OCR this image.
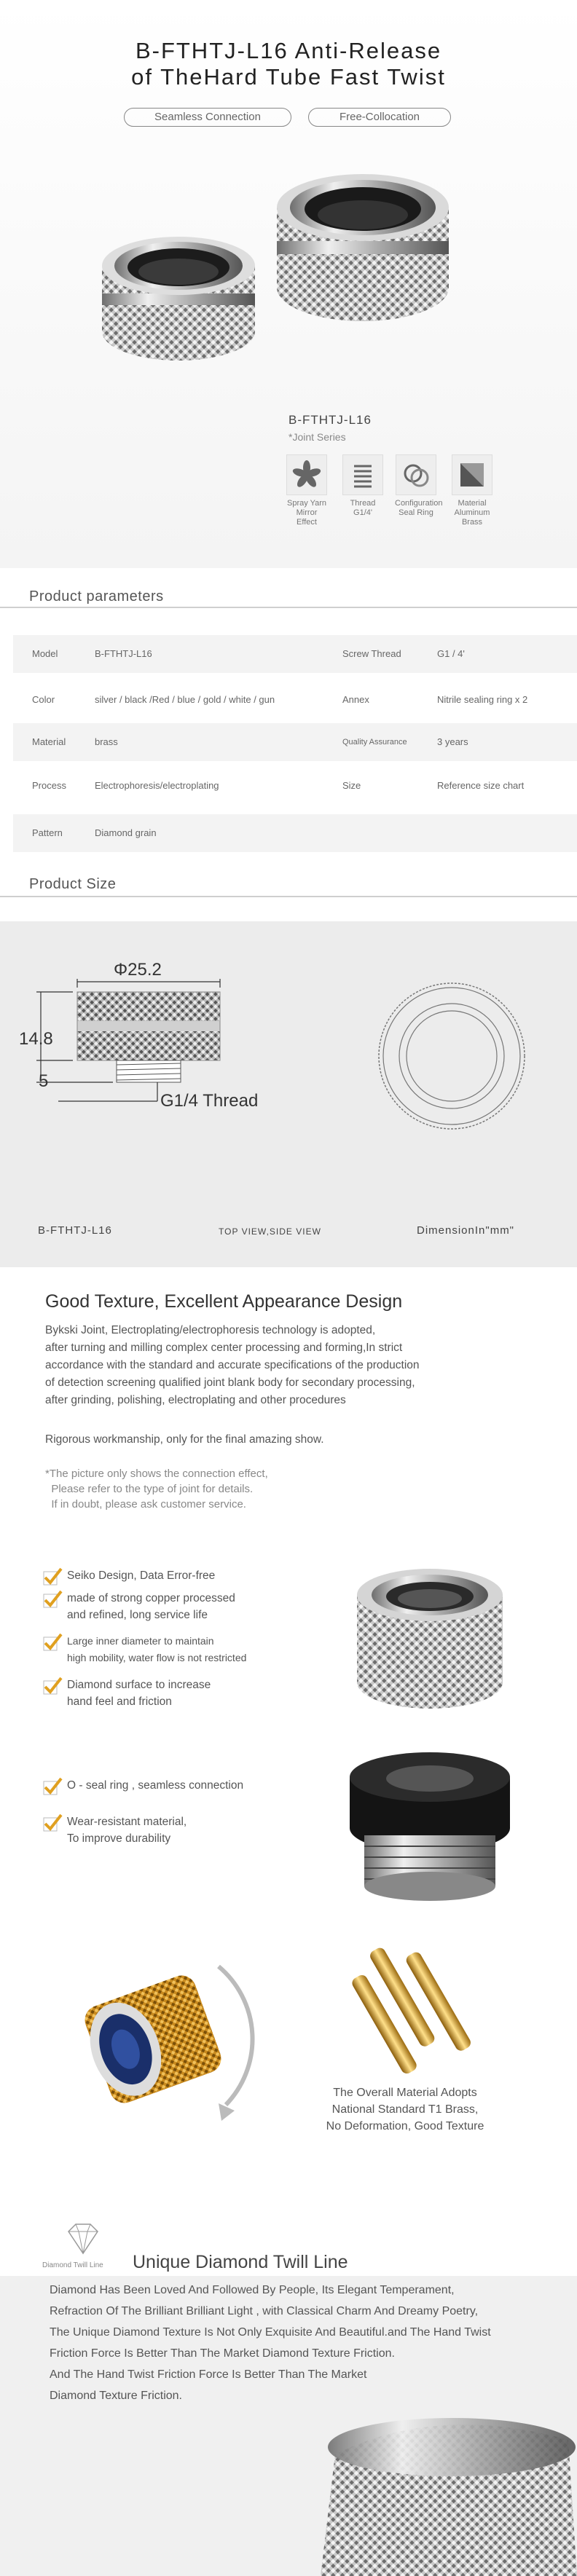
B-FTHTJ-L16 Anti-Release
of TheHard Tube Fast Twist
Seamless Connection	Free-Collocation
B-FTHTJ-L16
*Joint Series
Spray Yarn
Mirror Effect
Thread
G1/4'
Configuration
Seal Ring
Material
Aluminum
Brass
Product parameters
Model	B-FTHTJ-L16	Screw Thread	G1 / 4'
Color	silver / black /Red / blue / gold / white / gun	Annex	Nitrile sealing ring x 2
Material	brass	Quality Assurance	3 years
Process	Electrophoresis/electroplating	Size	Reference size chart
Pattern	Diamond grain
Product Size
Φ25.2
14.8
5
G1/4 Thread
B-FTHTJ-L16	TOP VIEW,SIDE VIEW	DimensionIn"mm"
Good Texture, Excellent Appearance Design
Bykski Joint, Electroplating/electrophoresis technology is adopted,
after turning and milling complex center processing and forming,In strict
accordance with the standard and accurate specifications of the production
of detection screening qualified joint blank body for secondary processing,
after grinding, polishing, electroplating and other procedures
Rigorous workmanship, only for the final amazing show.
*The picture only shows the connection effect,
Please refer to the type of joint for details.
If in doubt, please ask customer service.
Seiko Design, Data Error-free
made of strong copper processed
and refined, long service life
Large inner diameter to maintain
high mobility, water flow is not restricted
Diamond surface to increase
hand feel and friction
O - seal ring , seamless connection
Wear-resistant material,
To improve durability
The Overall Material Adopts
National Standard T1 Brass,
No Deformation, Good Texture
Diamond Twill Line Unique Diamond Twill Line
Diamond Has Been Loved And Followed By People, Its Elegant Temperament,
Refraction Of The Brilliant Brilliant Light , with Classical Charm And Dreamy Poetry,
The Unique Diamond Texture Is Not Only Exquisite And Beautiful.and The Hand Twist
Friction Force Is Better Than The Market Diamond Texture Friction.
And The Hand Twist Friction Force Is Better Than The Market
Diamond Texture Friction.
